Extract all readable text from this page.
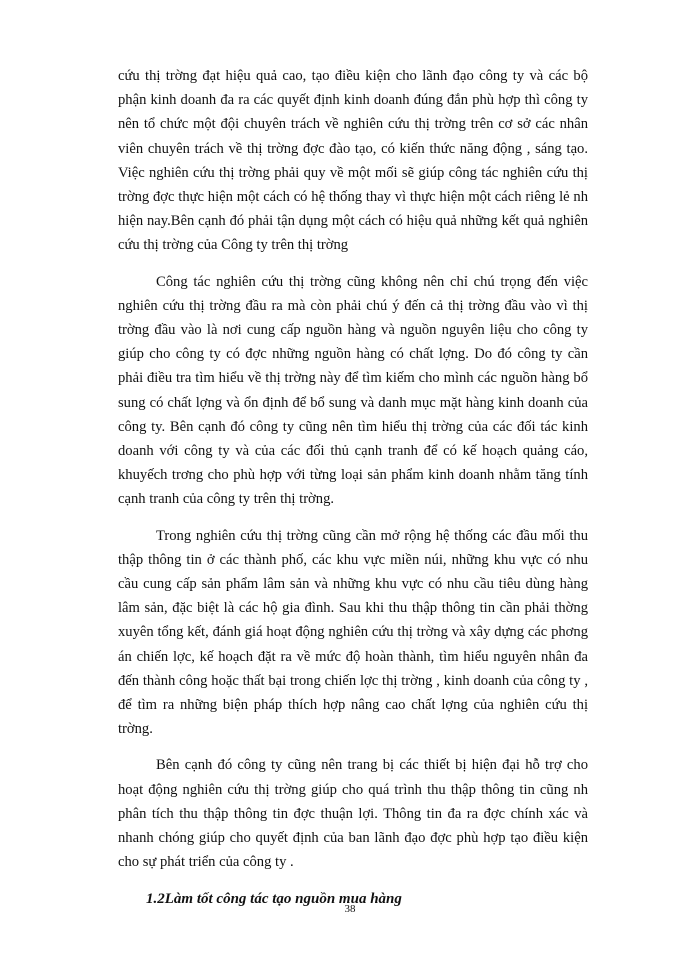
cứu thị trờng đạt hiệu quả cao, tạo điều kiện cho lãnh đạo công ty và các bộ phận kinh doanh đa ra các quyết định kinh doanh đúng đắn phù hợp thì công ty nên tổ chức một đội chuyên trách về nghiên cứu thị trờng trên cơ sở các nhân viên chuyên trách về thị trờng đợc đào tạo, có kiến thức năng động , sáng tạo. Việc nghiên cứu thị trờng phải quy về một mối sẽ giúp công tác nghiên cứu thị trờng đợc thực hiện một cách có hệ thống thay vì thực hiện một cách riêng lẻ nh hiện nay.Bên cạnh đó phải tận dụng một cách có hiệu quả những kết quả nghiên cứu thị trờng của Công ty trên thị trờng

Công tác nghiên cứu thị trờng cũng không nên chỉ chú trọng đến việc nghiên cứu thị trờng đầu ra mà còn phải chú ý đến cả thị trờng đầu vào vì thị trờng đầu vào là nơi cung cấp nguồn hàng và nguồn nguyên liệu cho công ty giúp cho công ty có đợc những nguồn hàng có chất lợng. Do đó công ty cần phải điều tra tìm hiểu về thị trờng này để tìm kiếm cho mình các nguồn hàng bổ sung có chất lợng và ổn định để bổ sung và danh mục mặt hàng kinh doanh của công ty. Bên cạnh đó công ty cũng nên tìm hiểu thị trờng của các đối tác kinh doanh với công ty và của các đối thủ cạnh tranh để có kế hoạch quảng cáo, khuyếch trơng cho phù hợp với từng loại sản phẩm kinh doanh nhằm tăng tính cạnh tranh của công ty trên thị trờng.

Trong nghiên cứu thị trờng cũng cần mở rộng hệ thống các đầu mối thu thập thông tin ở các thành phố, các khu vực miền núi, những khu vực có nhu cầu cung cấp sản phẩm lâm sản và những khu vực có nhu cầu tiêu dùng hàng lâm sản, đặc biệt là các hộ gia đình. Sau khi thu thập thông tin cần phải thờng xuyên tổng kết, đánh giá hoạt động nghiên cứu thị trờng và xây dựng các phơng án chiến lợc, kế hoạch đặt ra về mức độ hoàn thành, tìm hiểu nguyên nhân đa đến thành công hoặc thất bại trong chiến lợc thị trờng , kinh doanh của công ty , để tìm ra những biện pháp thích hợp nâng cao chất lợng của nghiên cứu thị trờng.

Bên cạnh đó công ty cũng nên trang bị các thiết bị hiện đại hỗ trợ cho hoạt động nghiên cứu thị trờng giúp cho quá trình thu thập thông tin cũng nh phân tích thu thập thông tin đợc thuận lợi. Thông tin đa ra đợc chính xác và nhanh chóng giúp cho quyết định của ban lãnh đạo đợc phù hợp tạo điều kiện cho sự phát triển của công ty .

1.2Làm tốt công tác tạo nguồn mua hàng
38
